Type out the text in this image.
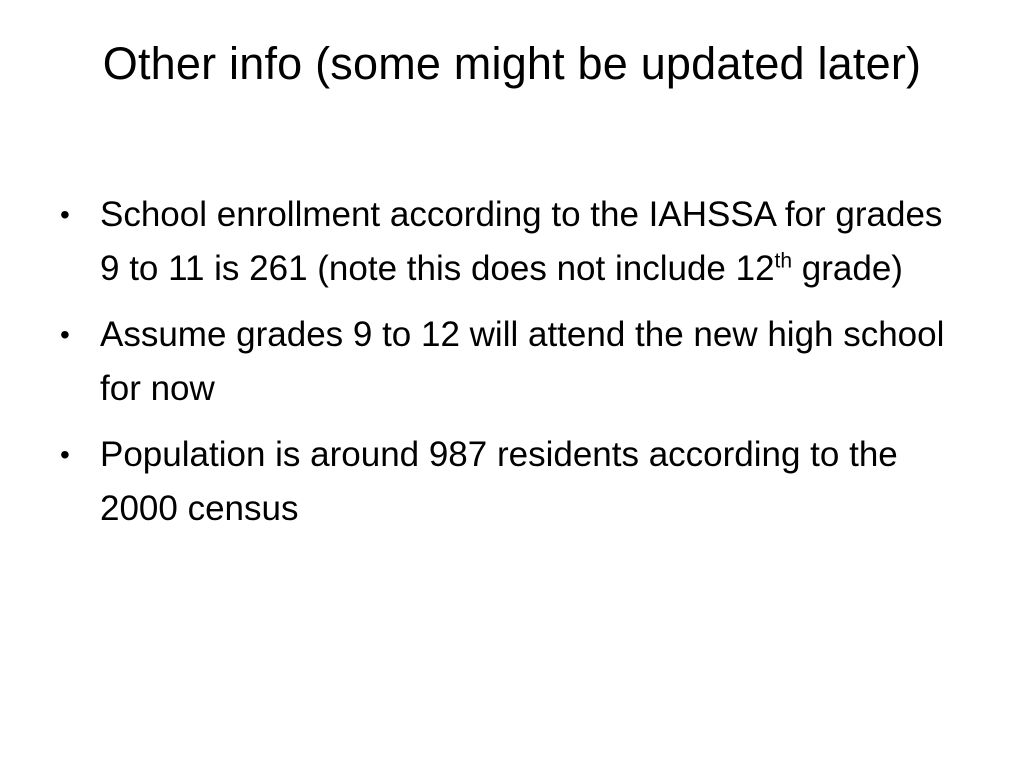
Other info (some might be updated later)
• School enrollment according to the IAHSSA for grades 9 to 11 is 261 (note this does not include 12th grade)
• Assume grades 9 to 12 will attend the new high school for now
• Population is around 987 residents according to the 2000 census
